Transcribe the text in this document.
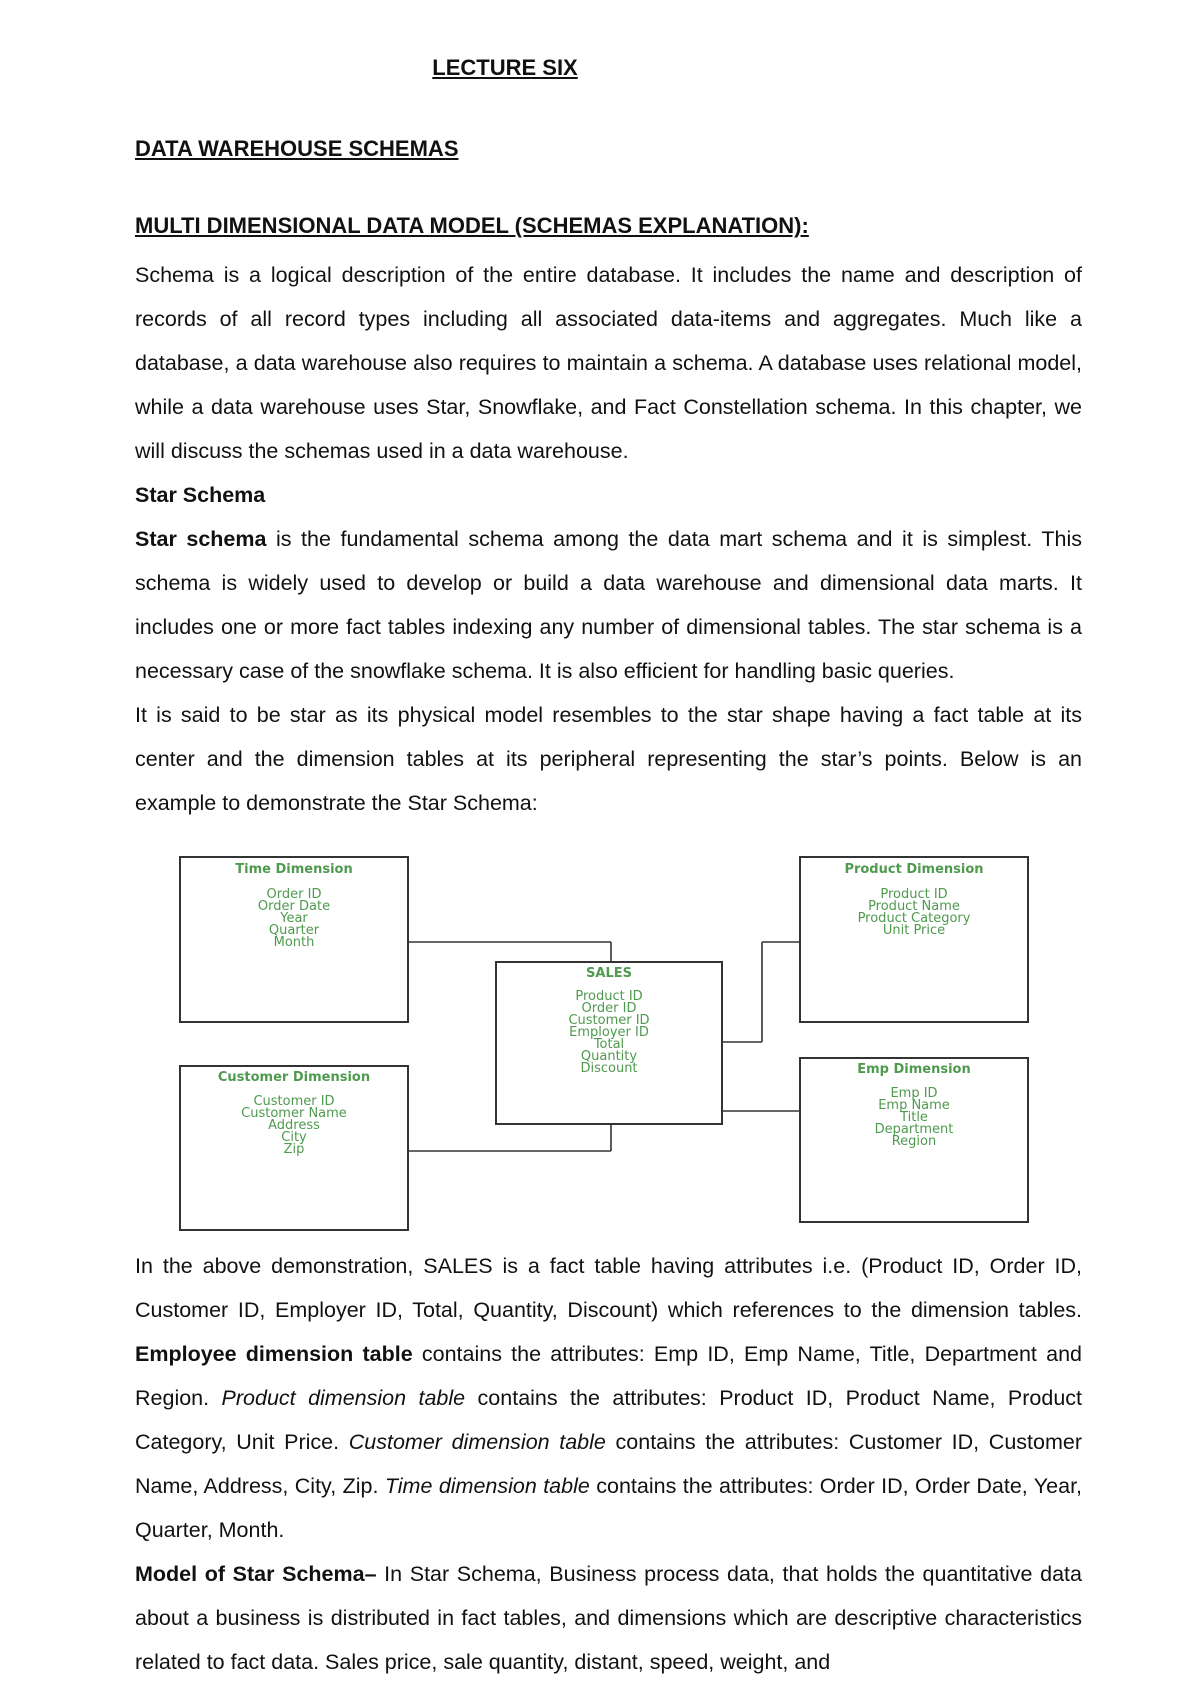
LECTURE SIX
DATA WAREHOUSE SCHEMAS
MULTI DIMENSIONAL DATA MODEL (SCHEMAS EXPLANATION):

Schema is a logical description of the entire database. It includes the name and description of records of all record types including all associated data-items and aggregates. Much like a database, a data warehouse also requires to maintain a schema. A database uses relational model, while a data warehouse uses Star, Snowflake, and Fact Constellation schema. In this chapter, we will discuss the schemas used in a data warehouse.

Star Schema

Star schema is the fundamental schema among the data mart schema and it is simplest. This schema is widely used to develop or build a data warehouse and dimensional data marts. It includes one or more fact tables indexing any number of dimensional tables. The star schema is a necessary case of the snowflake schema. It is also efficient for handling basic queries.

It is said to be star as its physical model resembles to the star shape having a fact table at its center and the dimension tables at its peripheral representing the star’s points. Below is an example to demonstrate the Star Schema:

Time Dimension
Order ID
Order Date
Year
Quarter
Month
Product Dimension
Product ID
Product Name
Product Category
Unit Price
SALES
Product ID
Order ID
Customer ID
Employer ID
Total
Quantity
Discount
Customer Dimension
Customer ID
Customer Name
Address
City
Zip
Emp Dimension
Emp ID
Emp Name
Title
Department
Region

In the above demonstration, SALES is a fact table having attributes i.e. (Product ID, Order ID, Customer ID, Employer ID, Total, Quantity, Discount) which references to the dimension tables. Employee dimension table contains the attributes: Emp ID, Emp Name, Title, Department and Region. Product dimension table contains the attributes: Product ID, Product Name, Product Category, Unit Price. Customer dimension table contains the attributes: Customer ID, Customer Name, Address, City, Zip. Time dimension table contains the attributes: Order ID, Order Date, Year, Quarter, Month.

Model of Star Schema– In Star Schema, Business process data, that holds the quantitative data about a business is distributed in fact tables, and dimensions which are descriptive characteristics related to fact data. Sales price, sale quantity, distant, speed, weight, and
